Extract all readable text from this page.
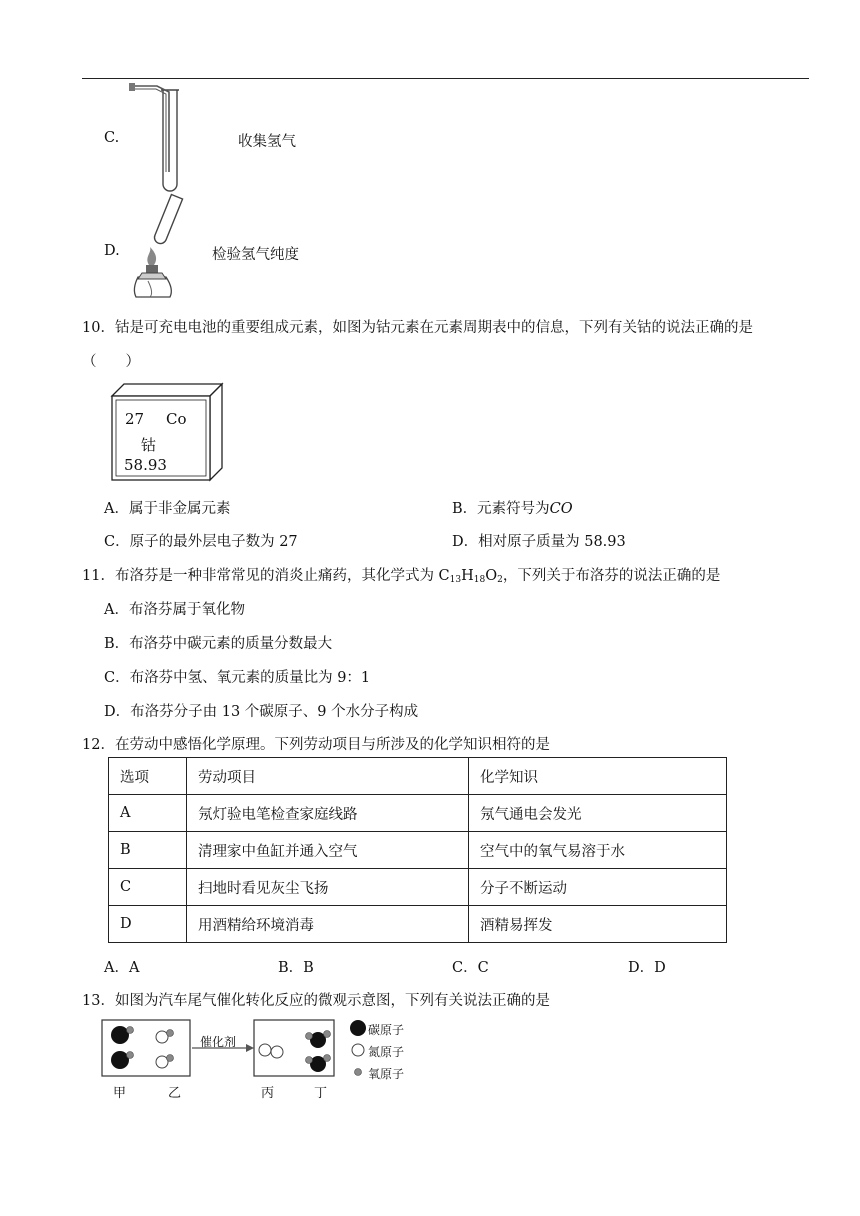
C.	收集氢气
D.	检验氢气纯度
10．钴是可充电电池的重要组成元素，如图为钴元素在元素周期表中的信息，下列有关钴的说法正确的是
（　　）
27 Co
钴
58.93
A．属于非金属元素	B．元素符号为CO
C．原子的最外层电子数为 27	D．相对原子质量为 58.93
11．布洛芬是一种非常常见的消炎止痛药，其化学式为 $C_{13}H_{18}O_2$，下列关于布洛芬的说法正确的是
A．布洛芬属于氧化物
B．布洛芬中碳元素的质量分数最大
C．布洛芬中氢、氧元素的质量比为 9：1
D．布洛芬分子由 13 个碳原子、9 个水分子构成
12．在劳动中感悟化学原理。下列劳动项目与所涉及的化学知识相符的是
选项	劳动项目	化学知识
A	氖灯验电笔检查家庭线路	氖气通电会发光
B	清理家中鱼缸并通入空气	空气中的氧气易溶于水
C	扫地时看见灰尘飞扬	分子不断运动
D	用酒精给环境消毒	酒精易挥发
A．A	B．B	C．C	D．D
13．如图为汽车尾气催化转化反应的微观示意图，下列有关说法正确的是
催化剂
碳原子
氮原子
氧原子
甲	乙	丙	丁
